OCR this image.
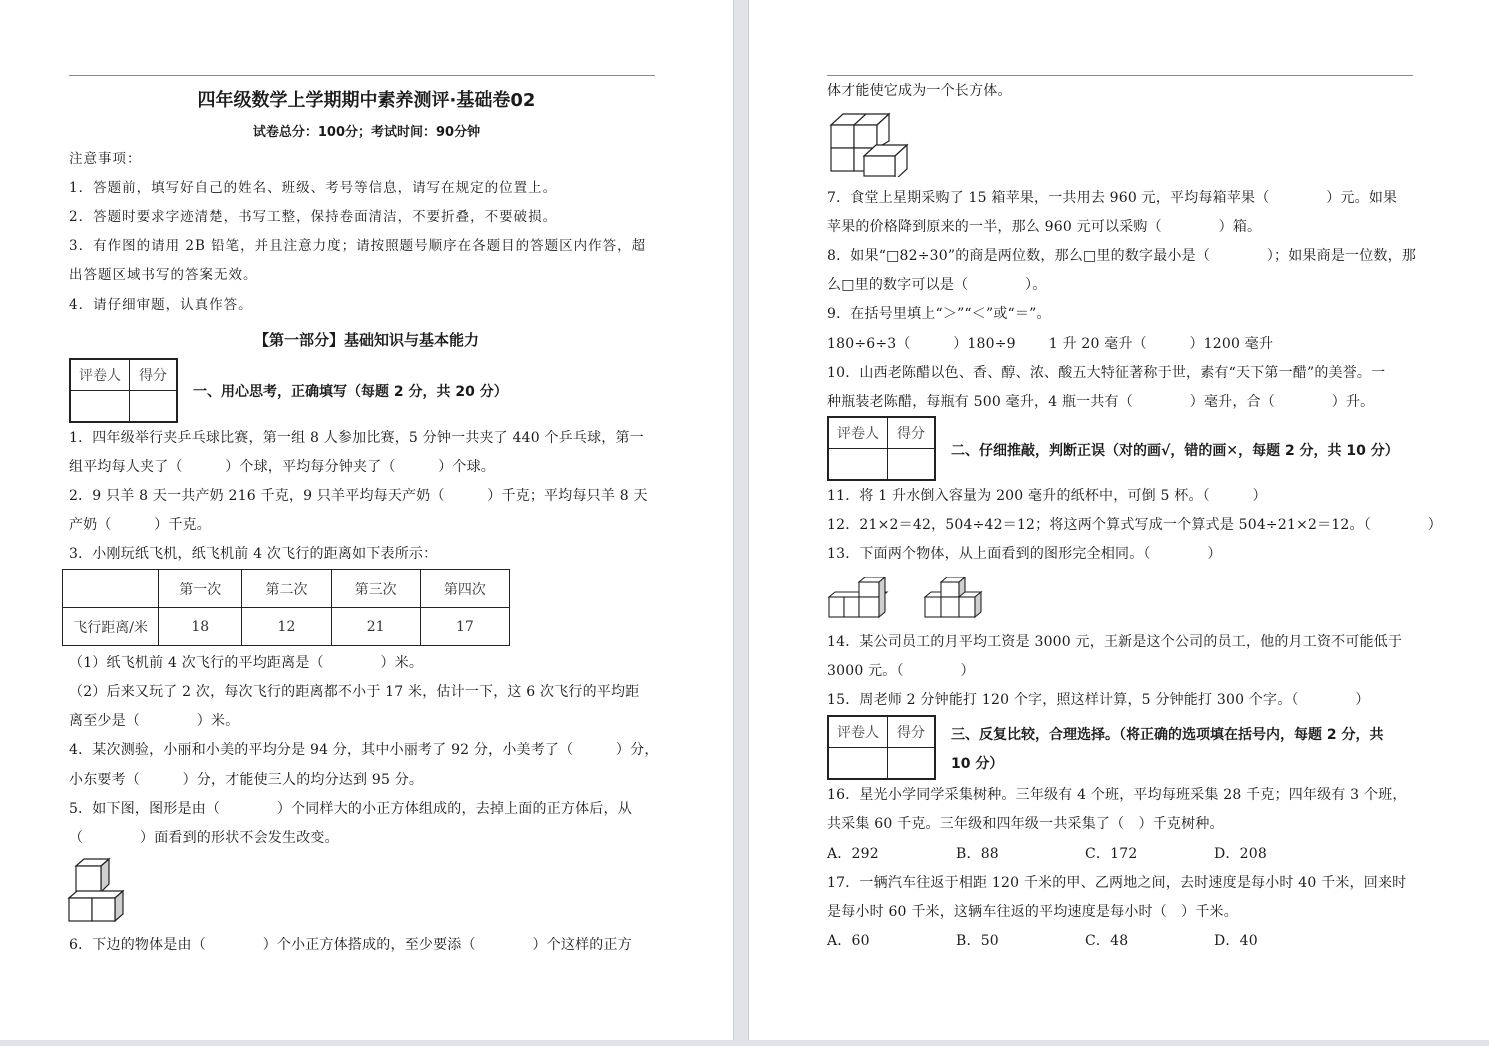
四年级数学上学期期中素养测评·基础卷02
试卷总分：100分；考试时间：90分钟
注意事项：
1．答题前，填写好自己的姓名、班级、考号等信息，请写在规定的位置上。
2．答题时要求字迹清楚，书写工整，保持卷面清洁，不要折叠，不要破损。
3．有作图的请用 2B 铅笔，并且注意力度；请按照题号顺序在各题目的答题区内作答，超
出答题区域书写的答案无效。
4．请仔细审题，认真作答。
【第一部分】基础知识与基本能力
评卷人	得分

一、用心思考，正确填写（每题 2 分，共 20 分）
1．四年级举行夹乒乓球比赛，第一组 8 人参加比赛，5 分钟一共夹了 440 个乒乓球，第一
组平均每人夹了（　　　）个球，平均每分钟夹了（　　　）个球。
2．9 只羊 8 天一共产奶 216 千克，9 只羊平均每天产奶（　　　）千克；平均每只羊 8 天
产奶（　　　）千克。
3．小刚玩纸飞机，纸飞机前 4 次飞行的距离如下表所示：
	第一次	第二次	第三次	第四次
飞行距离/米	18	12	21	17
（1）纸飞机前 4 次飞行的平均距离是（　　　　）米。
（2）后来又玩了 2 次，每次飞行的距离都不小于 17 米，估计一下，这 6 次飞行的平均距
离至少是（　　　　）米。
4．某次测验，小丽和小美的平均分是 94 分，其中小丽考了 92 分，小美考了（　　　）分，
小东要考（　　　）分，才能使三人的均分达到 95 分。
5．如下图，图形是由（　　　　）个同样大的小正方体组成的，去掉上面的正方体后，从
（　　　　）面看到的形状不会发生改变。
6．下边的物体是由（　　　　）个小正方体搭成的，至少要添（　　　　）个这样的正方
体才能使它成为一个长方体。
7．食堂上星期采购了 15 箱苹果，一共用去 960 元，平均每箱苹果（　　　　）元。如果
苹果的价格降到原来的一半，那么 960 元可以采购（　　　　）箱。
8．如果“□82÷30”的商是两位数，那么□里的数字最小是（　　　　）；如果商是一位数，那
么□里的数字可以是（　　　　）。
9．在括号里填上“＞”“＜”或“＝”。
180÷6÷3（　　　）180÷9　　 1 升 20 毫升（　　　）1200 毫升
10．山西老陈醋以色、香、醇、浓、酸五大特征著称于世，素有“天下第一醋”的美誉。一
种瓶装老陈醋，每瓶有 500 毫升，4 瓶一共有（　　　　）毫升，合（　　　　）升。
评卷人	得分

二、仔细推敲，判断正误（对的画√，错的画✕，每题 2 分，共 10 分）
11．将 1 升水倒入容量为 200 毫升的纸杯中，可倒 5 杯。（　　　）
12．21×2＝42，504÷42＝12；将这两个算式写成一个算式是 504÷21×2＝12。（　　　　）
13．下面两个物体，从上面看到的图形完全相同。（　　　　）
14．某公司员工的月平均工资是 3000 元，王新是这个公司的员工，他的月工资不可能低于
3000 元。（　　　　）
15．周老师 2 分钟能打 120 个字，照这样计算，5 分钟能打 300 个字。（　　　　）
评卷人	得分
	三、反复比较，合理选择。（将正确的选项填在括号内，每题 2 分，共
10 分）
16．星光小学同学采集树种。三年级有 4 个班，平均每班采集 28 千克；四年级有 3 个班，
共采集 60 千克。三年级和四年级一共采集了（　）千克树种。
A．292	B．88	C．172	D．208
17．一辆汽车往返于相距 120 千米的甲、乙两地之间，去时速度是每小时 40 千米，回来时
是每小时 60 千米，这辆车往返的平均速度是每小时（　）千米。
A．60	B．50	C．48	D．40
